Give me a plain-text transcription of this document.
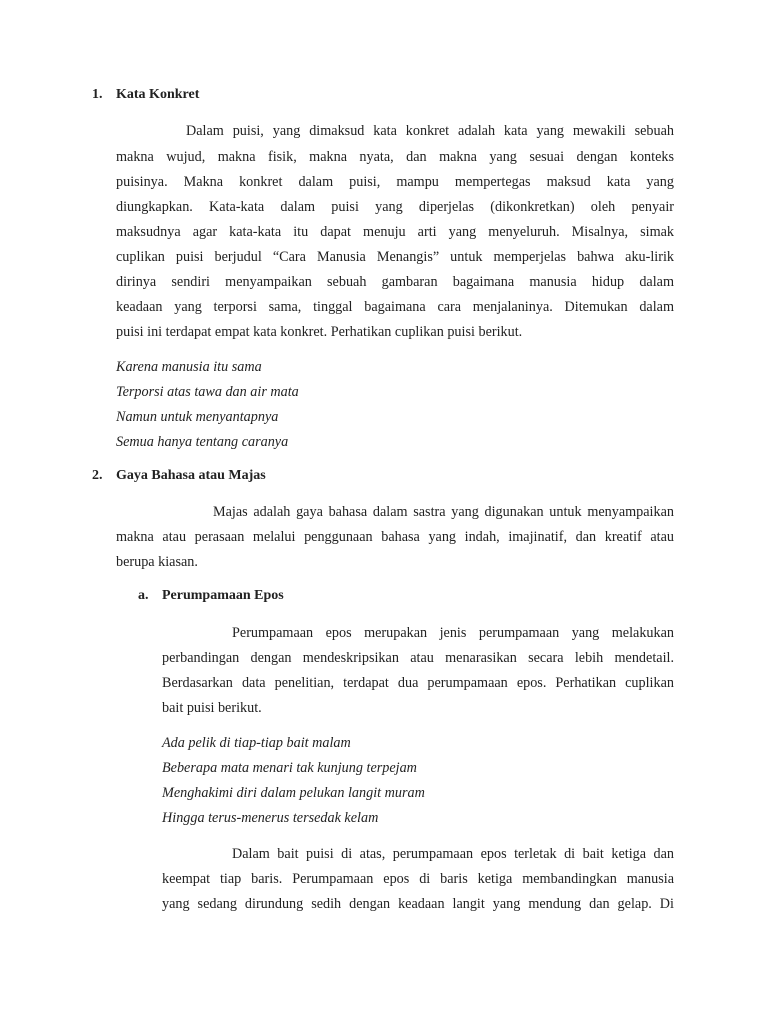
1. Kata Konkret
Dalam puisi, yang dimaksud kata konkret adalah kata yang mewakili sebuah
makna wujud, makna fisik, makna nyata, dan makna yang sesuai dengan konteks
puisinya. Makna konkret dalam puisi, mampu mempertegas maksud kata yang
diungkapkan. Kata-kata dalam puisi yang diperjelas (dikonkretkan) oleh penyair
maksudnya agar kata-kata itu dapat menuju arti yang menyeluruh. Misalnya, simak
cuplikan puisi berjudul “Cara Manusia Menangis” untuk memperjelas bahwa aku-lirik
dirinya sendiri menyampaikan sebuah gambaran bagaimana manusia hidup dalam
keadaan yang terporsi sama, tinggal bagaimana cara menjalaninya. Ditemukan dalam
puisi ini terdapat empat kata konkret. Perhatikan cuplikan puisi berikut.
Karena manusia itu sama
Terporsi atas tawa dan air mata
Namun untuk menyantapnya
Semua hanya tentang caranya
2. Gaya Bahasa atau Majas
Majas adalah gaya bahasa dalam sastra yang digunakan untuk menyampaikan
makna atau perasaan melalui penggunaan bahasa yang indah, imajinatif, dan kreatif atau
berupa kiasan.
a. Perumpamaan Epos
Perumpamaan epos merupakan jenis perumpamaan yang melakukan
perbandingan dengan mendeskripsikan atau menarasikan secara lebih mendetail.
Berdasarkan data penelitian, terdapat dua perumpamaan epos. Perhatikan cuplikan
bait puisi berikut.
Ada pelik di tiap-tiap bait malam
Beberapa mata menari tak kunjung terpejam
Menghakimi diri dalam pelukan langit muram
Hingga terus-menerus tersedak kelam
Dalam bait puisi di atas, perumpamaan epos terletak di bait ketiga dan
keempat tiap baris. Perumpamaan epos di baris ketiga membandingkan manusia
yang sedang dirundung sedih dengan keadaan langit yang mendung dan gelap. Di
